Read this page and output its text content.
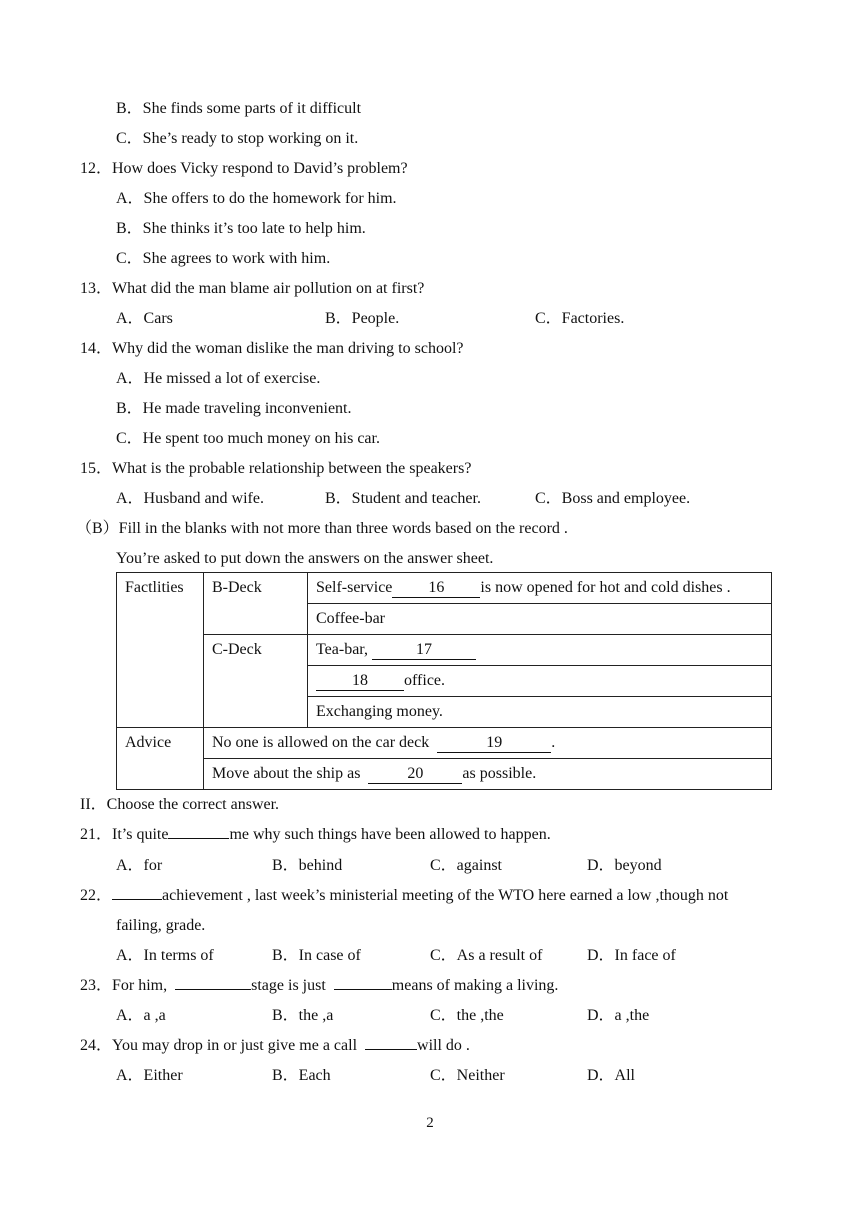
B．She finds some parts of it difficult
C．She’s ready to stop working on it.
12．How does Vicky respond to David’s problem?
A．She offers to do the homework for him.
B．She thinks it’s too late to help him.
C．She agrees to work with him.
13．What did the man blame air pollution on at first?
A．Cars	B．People.	C．Factories.
14．Why did the woman dislike the man driving to school?
A．He missed a lot of exercise.
B．He made traveling inconvenient.
C．He spent too much money on his car.
15．What is the probable relationship between the speakers?
A．Husband and wife.	B．Student and teacher.	C．Boss and employee.
（B）Fill in the blanks with not more than three words based on the record .
You’re asked to put down the answers on the answer sheet.
Factlities	B-Deck	Self-service 16 is now opened for hot and cold dishes .
		Coffee-bar
	C-Deck	Tea-bar, 17
		18 office.
		Exchanging money.
Advice	No one is allowed on the car deck 19 .	
	Move about the ship as 20 as possible.	
II．Choose the correct answer.
21．It’s quite	me why such things have been allowed to happen.
A．for	B．behind	C．against	D．beyond
22．	achievement , last week’s ministerial meeting of the WTO here earned a low ,though not
failing, grade.
A．In terms of	B．In case of	C．As a result of	D．In face of
23．For him,	stage is just	means of making a living.
A．a ,a	B．the ,a	C．the ,the	D．a ,the
24．You may drop in or just give me a call	will do .
A．Either	B．Each	C．Neither	D．All
2
